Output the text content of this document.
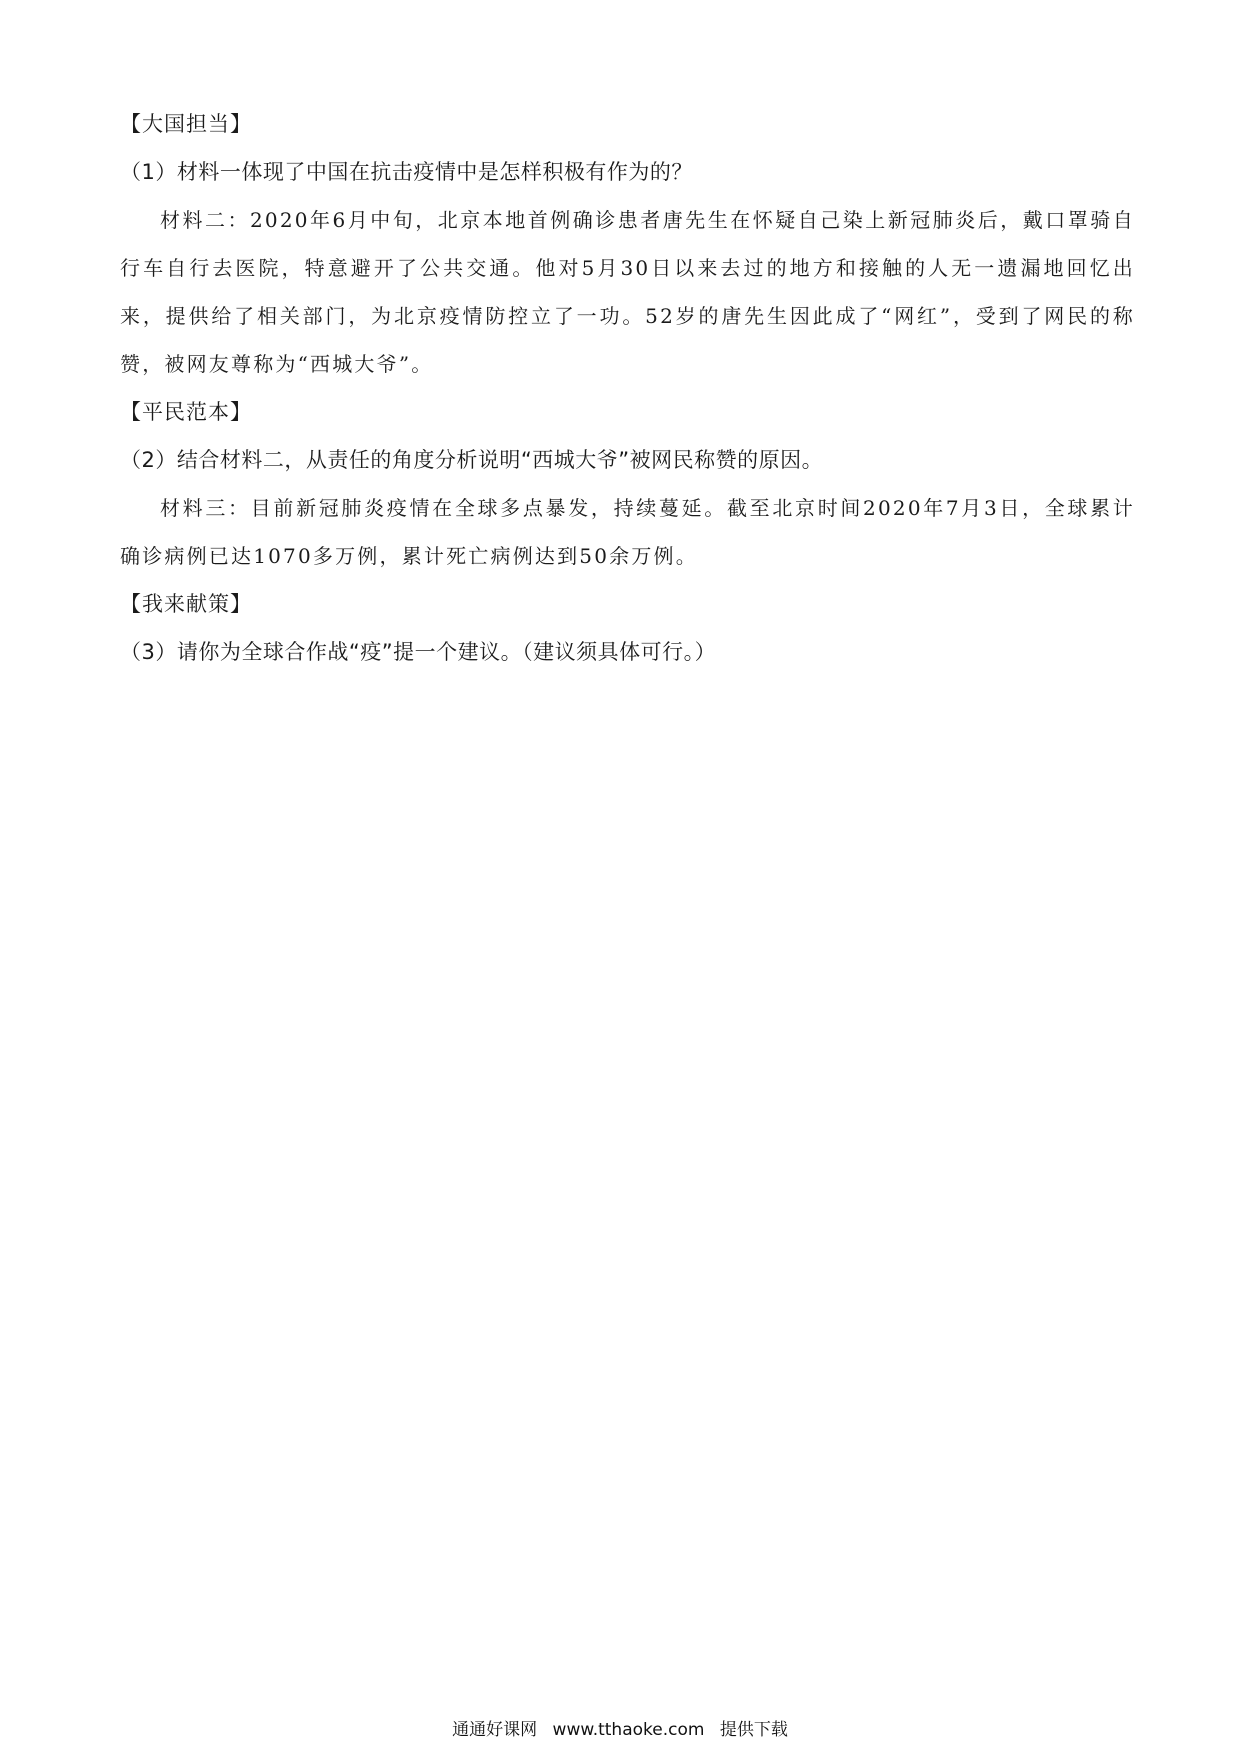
【大国担当】

（1）材料一体现了中国在抗击疫情中是怎样积极有作为的？

材料二：2020年6月中旬，北京本地首例确诊患者唐先生在怀疑自己染上新冠肺炎后，戴口罩骑自行车自行去医院，特意避开了公共交通。他对5月30日以来去过的地方和接触的人无一遗漏地回忆出来，提供给了相关部门，为北京疫情防控立了一功。52岁的唐先生因此成了“网红”，受到了网民的称赞，被网友尊称为“西城大爷”。

【平民范本】

（2）结合材料二，从责任的角度分析说明“西城大爷”被网民称赞的原因。

材料三：目前新冠肺炎疫情在全球多点暴发，持续蔓延。截至北京时间2020年7月3日，全球累计确诊病例已达1070多万例，累计死亡病例达到50余万例。

【我来献策】

（3）请你为全球合作战“疫”提一个建议。（建议须具体可行。）

通通好课网 www.tthaoke.com 提供下载
